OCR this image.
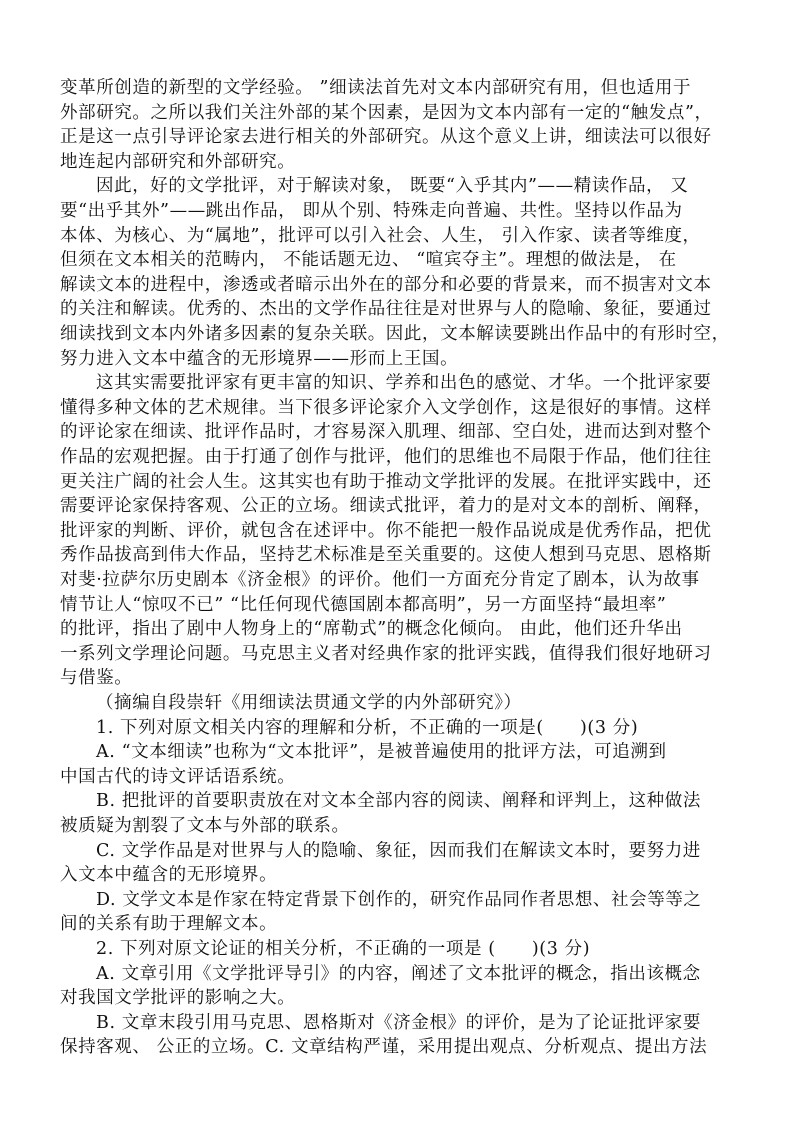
变革所创造的新型的文学经验。 ”细读法首先对文本内部研究有用，但也适用于
外部研究。之所以我们关注外部的某个因素，是因为文本内部有一定的“触发点”，
正是这一点引导评论家去进行相关的外部研究。从这个意义上讲，细读法可以很好
地连起内部研究和外部研究。
因此，好的文学批评，对于解读对象， 既要“入乎其内”——精读作品， 又
要“出乎其外”——跳出作品， 即从个别、特殊走向普遍、共性。坚持以作品为
本体、为核心、为“属地”，批评可以引入社会、人生， 引入作家、读者等维度，
但须在文本相关的范畴内， 不能话题无边、 “喧宾夺主”。理想的做法是， 在
解读文本的进程中，渗透或者暗示出外在的部分和必要的背景来，而不损害对文本
的关注和解读。优秀的、杰出的文学作品往往是对世界与人的隐喻、象征，要通过
细读找到文本内外诸多因素的复杂关联。因此，文本解读要跳出作品中的有形时空，
努力进入文本中蕴含的无形境界——形而上王国。
这其实需要批评家有更丰富的知识、学养和出色的感觉、才华。一个批评家要
懂得多种文体的艺术规律。当下很多评论家介入文学创作，这是很好的事情。这样
的评论家在细读、批评作品时，才容易深入肌理、细部、空白处，进而达到对整个
作品的宏观把握。由于打通了创作与批评，他们的思维也不局限于作品，他们往往
更关注广阔的社会人生。这其实也有助于推动文学批评的发展。在批评实践中，还
需要评论家保持客观、公正的立场。细读式批评，着力的是对文本的剖析、阐释，
批评家的判断、评价，就包含在述评中。你不能把一般作品说成是优秀作品，把优
秀作品拔高到伟大作品，坚持艺术标准是至关重要的。这使人想到马克思、恩格斯
对斐·拉萨尔历史剧本《济金根》的评价。他们一方面充分肯定了剧本，认为故事
情节让人“惊叹不已” “比任何现代德国剧本都高明”，另一方面坚持“最坦率”
的批评，指出了剧中人物身上的“席勒式”的概念化倾向。 由此，他们还升华出
一系列文学理论问题。马克思主义者对经典作家的批评实践，值得我们很好地研习
与借鉴。
（摘编自段崇轩《用细读法贯通文学的内外部研究》）
1. 下列对原文相关内容的理解和分析，不正确的一项是(　　)(3 分)
A. “文本细读”也称为“文本批评”，是被普遍使用的批评方法，可追溯到
中国古代的诗文评话语系统。
B. 把批评的首要职责放在对文本全部内容的阅读、阐释和评判上，这种做法
被质疑为割裂了文本与外部的联系。
C. 文学作品是对世界与人的隐喻、象征，因而我们在解读文本时，要努力进
入文本中蕴含的无形境界。
D. 文学文本是作家在特定背景下创作的，研究作品同作者思想、社会等等之
间的关系有助于理解文本。
2. 下列对原文论证的相关分析，不正确的一项是 (　　)(3 分)
A. 文章引用《文学批评导引》的内容，阐述了文本批评的概念，指出该概念
对我国文学批评的影响之大。
B. 文章末段引用马克思、恩格斯对《济金根》的评价，是为了论证批评家要
保持客观、 公正的立场。C. 文章结构严谨，采用提出观点、分析观点、提出方法
